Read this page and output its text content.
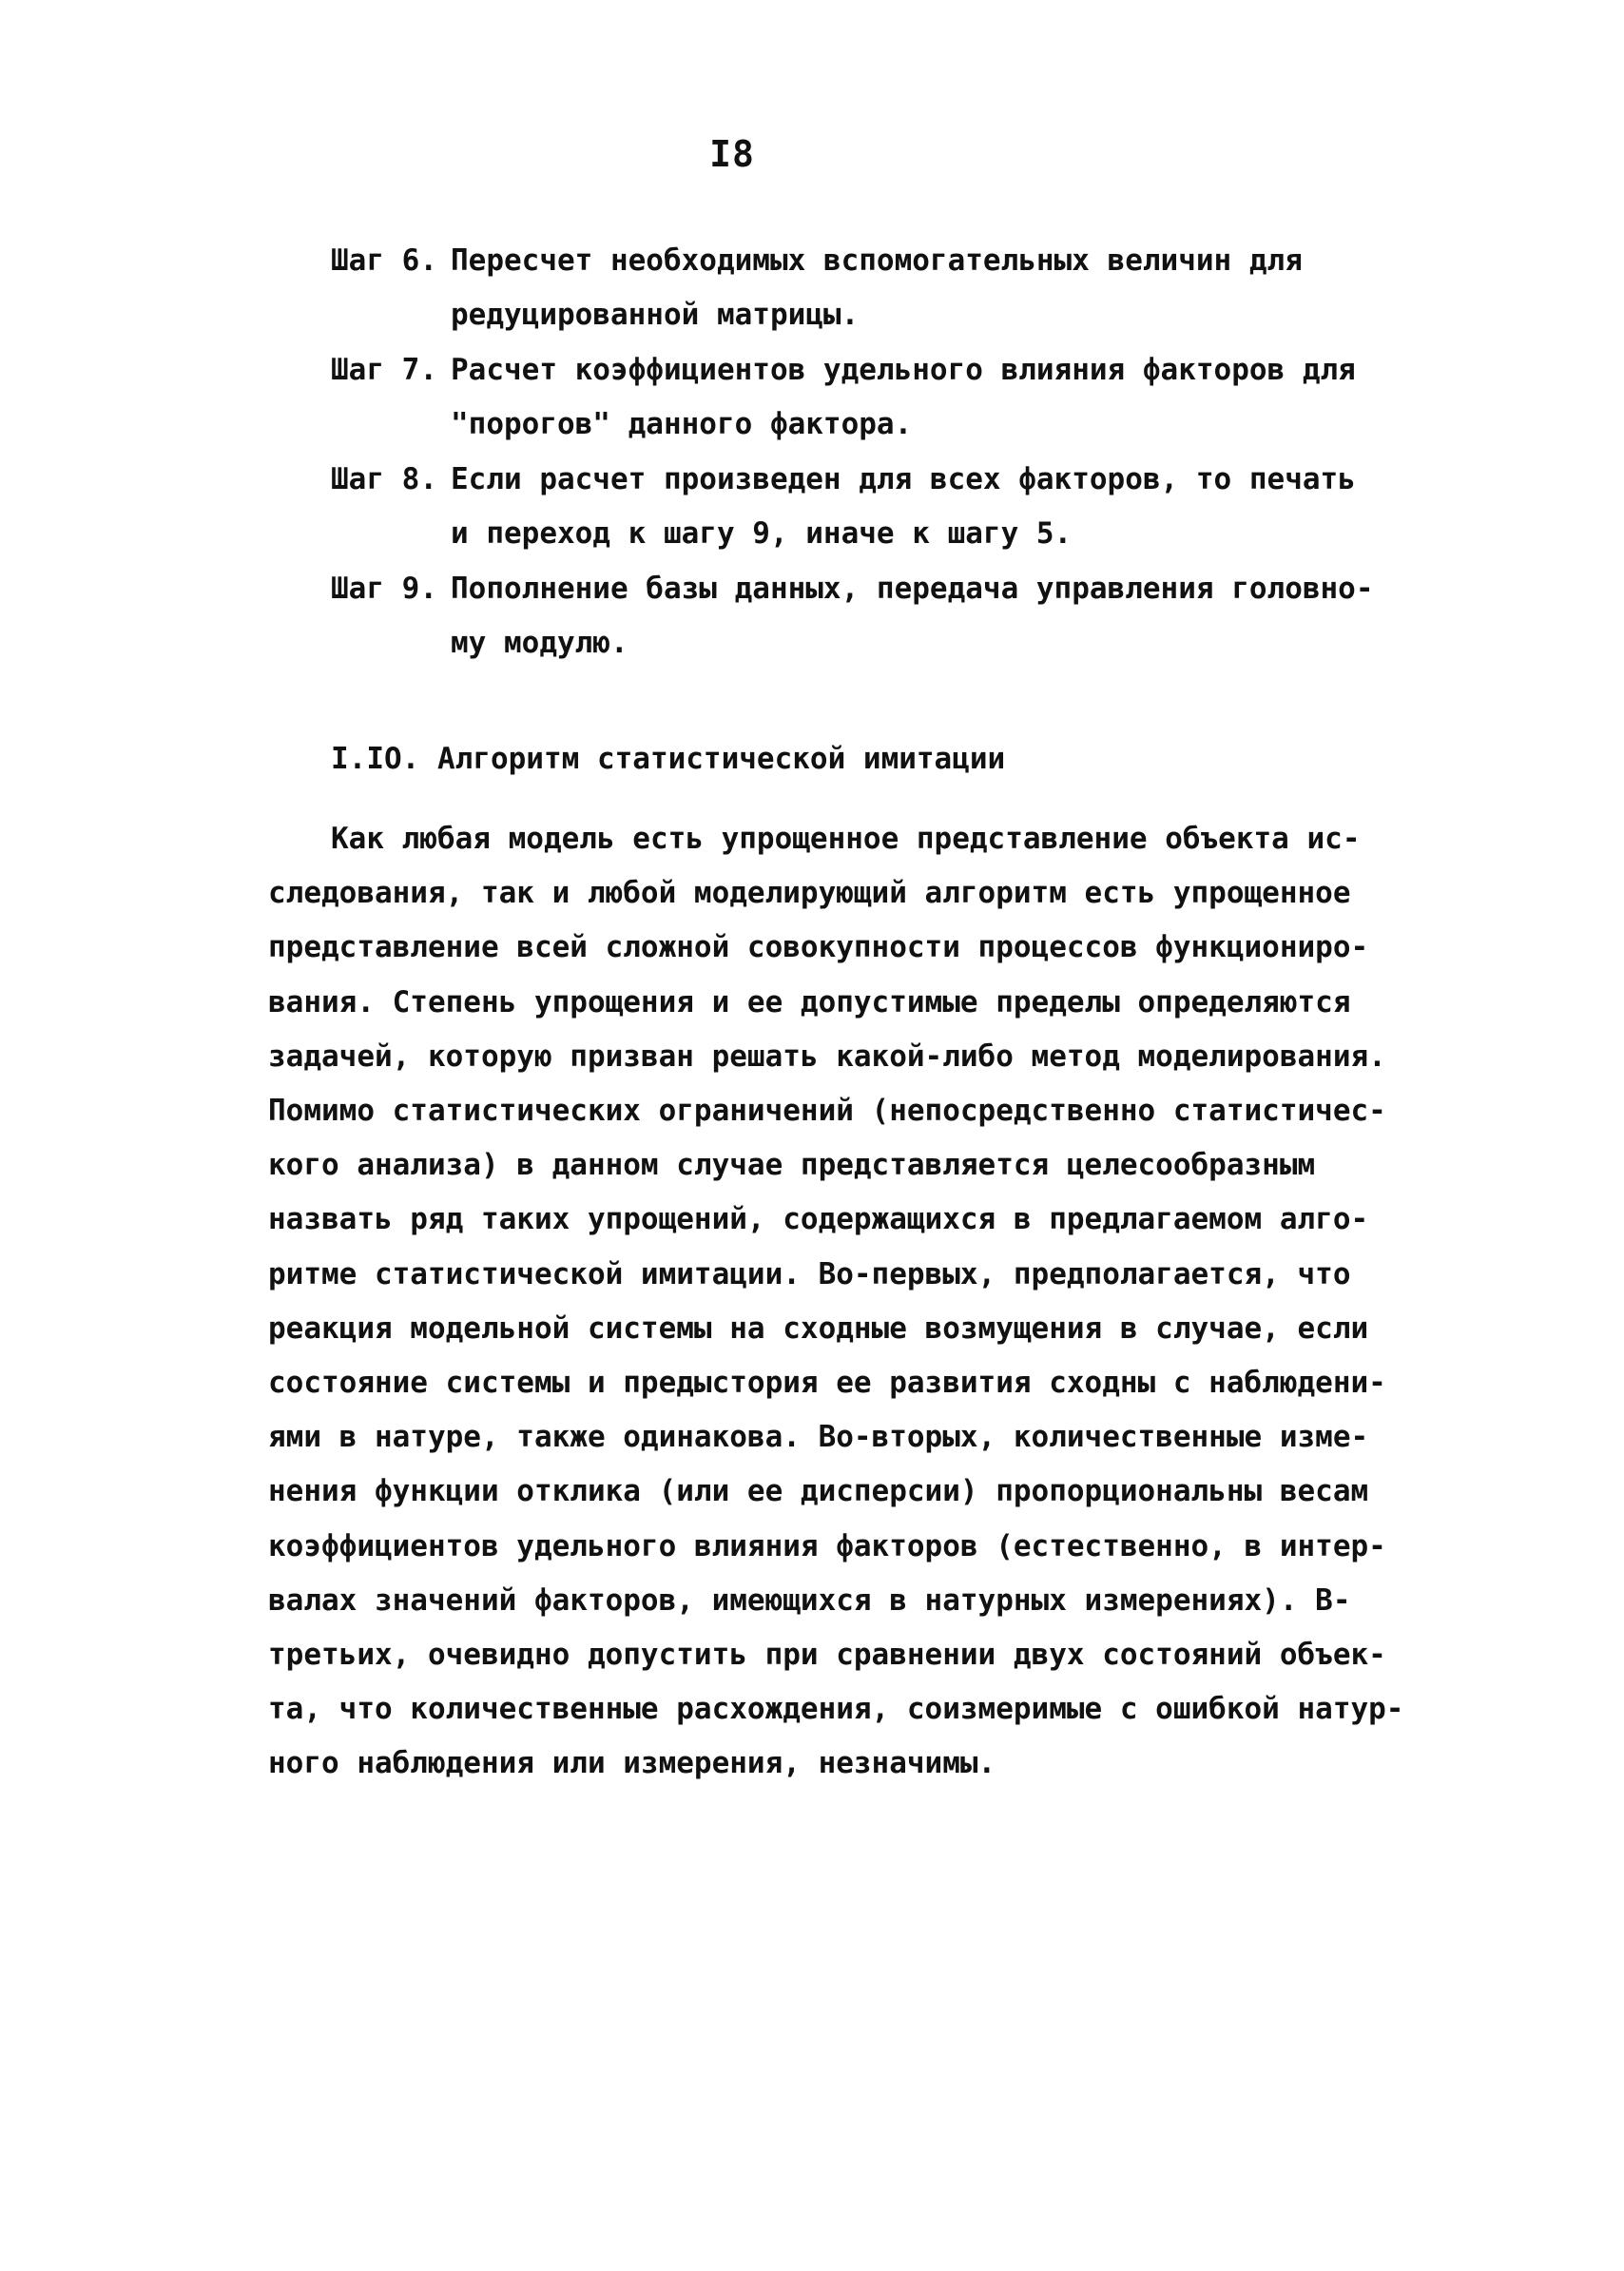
I8
Шаг 6. Пересчет необходимых вспомогательных величин для
редуцированной матрицы.
Шаг 7. Расчет коэффициентов удельного влияния факторов для
"порогов" данного фактора.
Шаг 8. Если расчет произведен для всех факторов, то печать
и переход к шагу 9, иначе к шагу 5.
Шаг 9. Пополнение базы данных, передача управления головно-
му модулю.
I.IO. Алгоритм статистической имитации
Как любая модель есть упрощенное представление объекта ис-
следования, так и любой моделирующий алгоритм есть упрощенное
представление всей сложной совокупности процессов функциониро-
вания. Степень упрощения и ее допустимые пределы определяются
задачей, которую призван решать какой-либо метод моделирования.
Помимо статистических ограничений (непосредственно статистичес-
кого анализа) в данном случае представляется целесообразным
назвать ряд таких упрощений, содержащихся в предлагаемом алго-
ритме статистической имитации. Во-первых, предполагается, что
реакция модельной системы на сходные возмущения в случае, если
состояние системы и предыстория ее развития сходны с наблюдени-
ями в натуре, также одинакова. Во-вторых, количественные изме-
нения функции отклика (или ее дисперсии) пропорциональны весам
коэффициентов удельного влияния факторов (естественно, в интер-
валах значений факторов, имеющихся в натурных измерениях). В-
третьих, очевидно допустить при сравнении двух состояний объек-
та, что количественные расхождения, соизмеримые с ошибкой натур-
ного наблюдения или измерения, незначимы.
